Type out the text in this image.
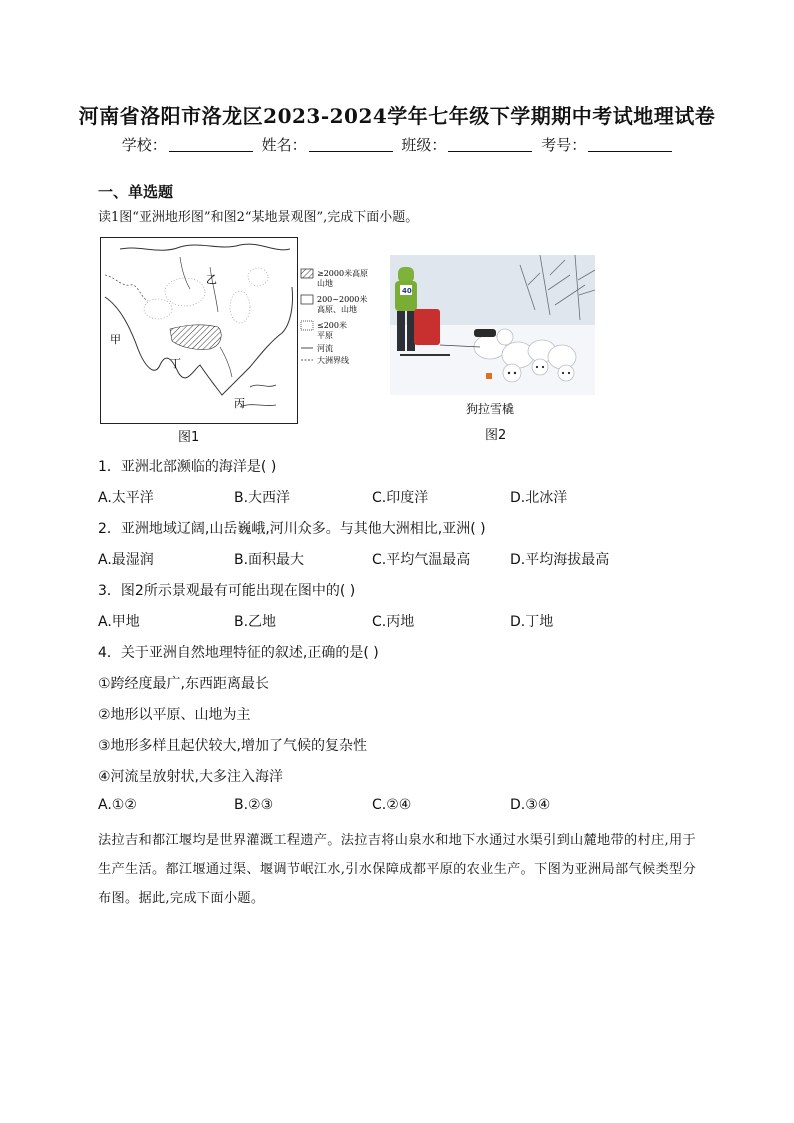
河南省洛阳市洛龙区2023-2024学年七年级下学期期中考试地理试卷
学校：	姓名：	班级：	考号：
一、单选题
读1图“亚洲地形图”和图2“某地景观图”,完成下面小题。
乙
甲
丁
丙
≥2000米高原
山地
200~2000米
高原、山地
≤200米
平原
河流
大洲界线
图1
40
狗拉雪橇
图2
1．亚洲北部濒临的海洋是( )
A.太平洋	B.大西洋	C.印度洋	D.北冰洋
2．亚洲地域辽阔,山岳巍峨,河川众多。与其他大洲相比,亚洲( )
A.最湿润	B.面积最大	C.平均气温最高	D.平均海拔最高
3．图2所示景观最有可能出现在图中的( )
A.甲地	B.乙地	C.丙地	D.丁地
4．关于亚洲自然地理特征的叙述,正确的是( )
①跨经度最广,东西距离最长
②地形以平原、山地为主
③地形多样且起伏较大,增加了气候的复杂性
④河流呈放射状,大多注入海洋
A.①②	B.②③	C.②④	D.③④
法拉吉和都江堰均是世界灌溉工程遗产。法拉吉将山泉水和地下水通过水渠引到山麓地带的村庄,用于生产生活。都江堰通过渠、堰调节岷江水,引水保障成都平原的农业生产。下图为亚洲局部气候类型分布图。据此,完成下面小题。
